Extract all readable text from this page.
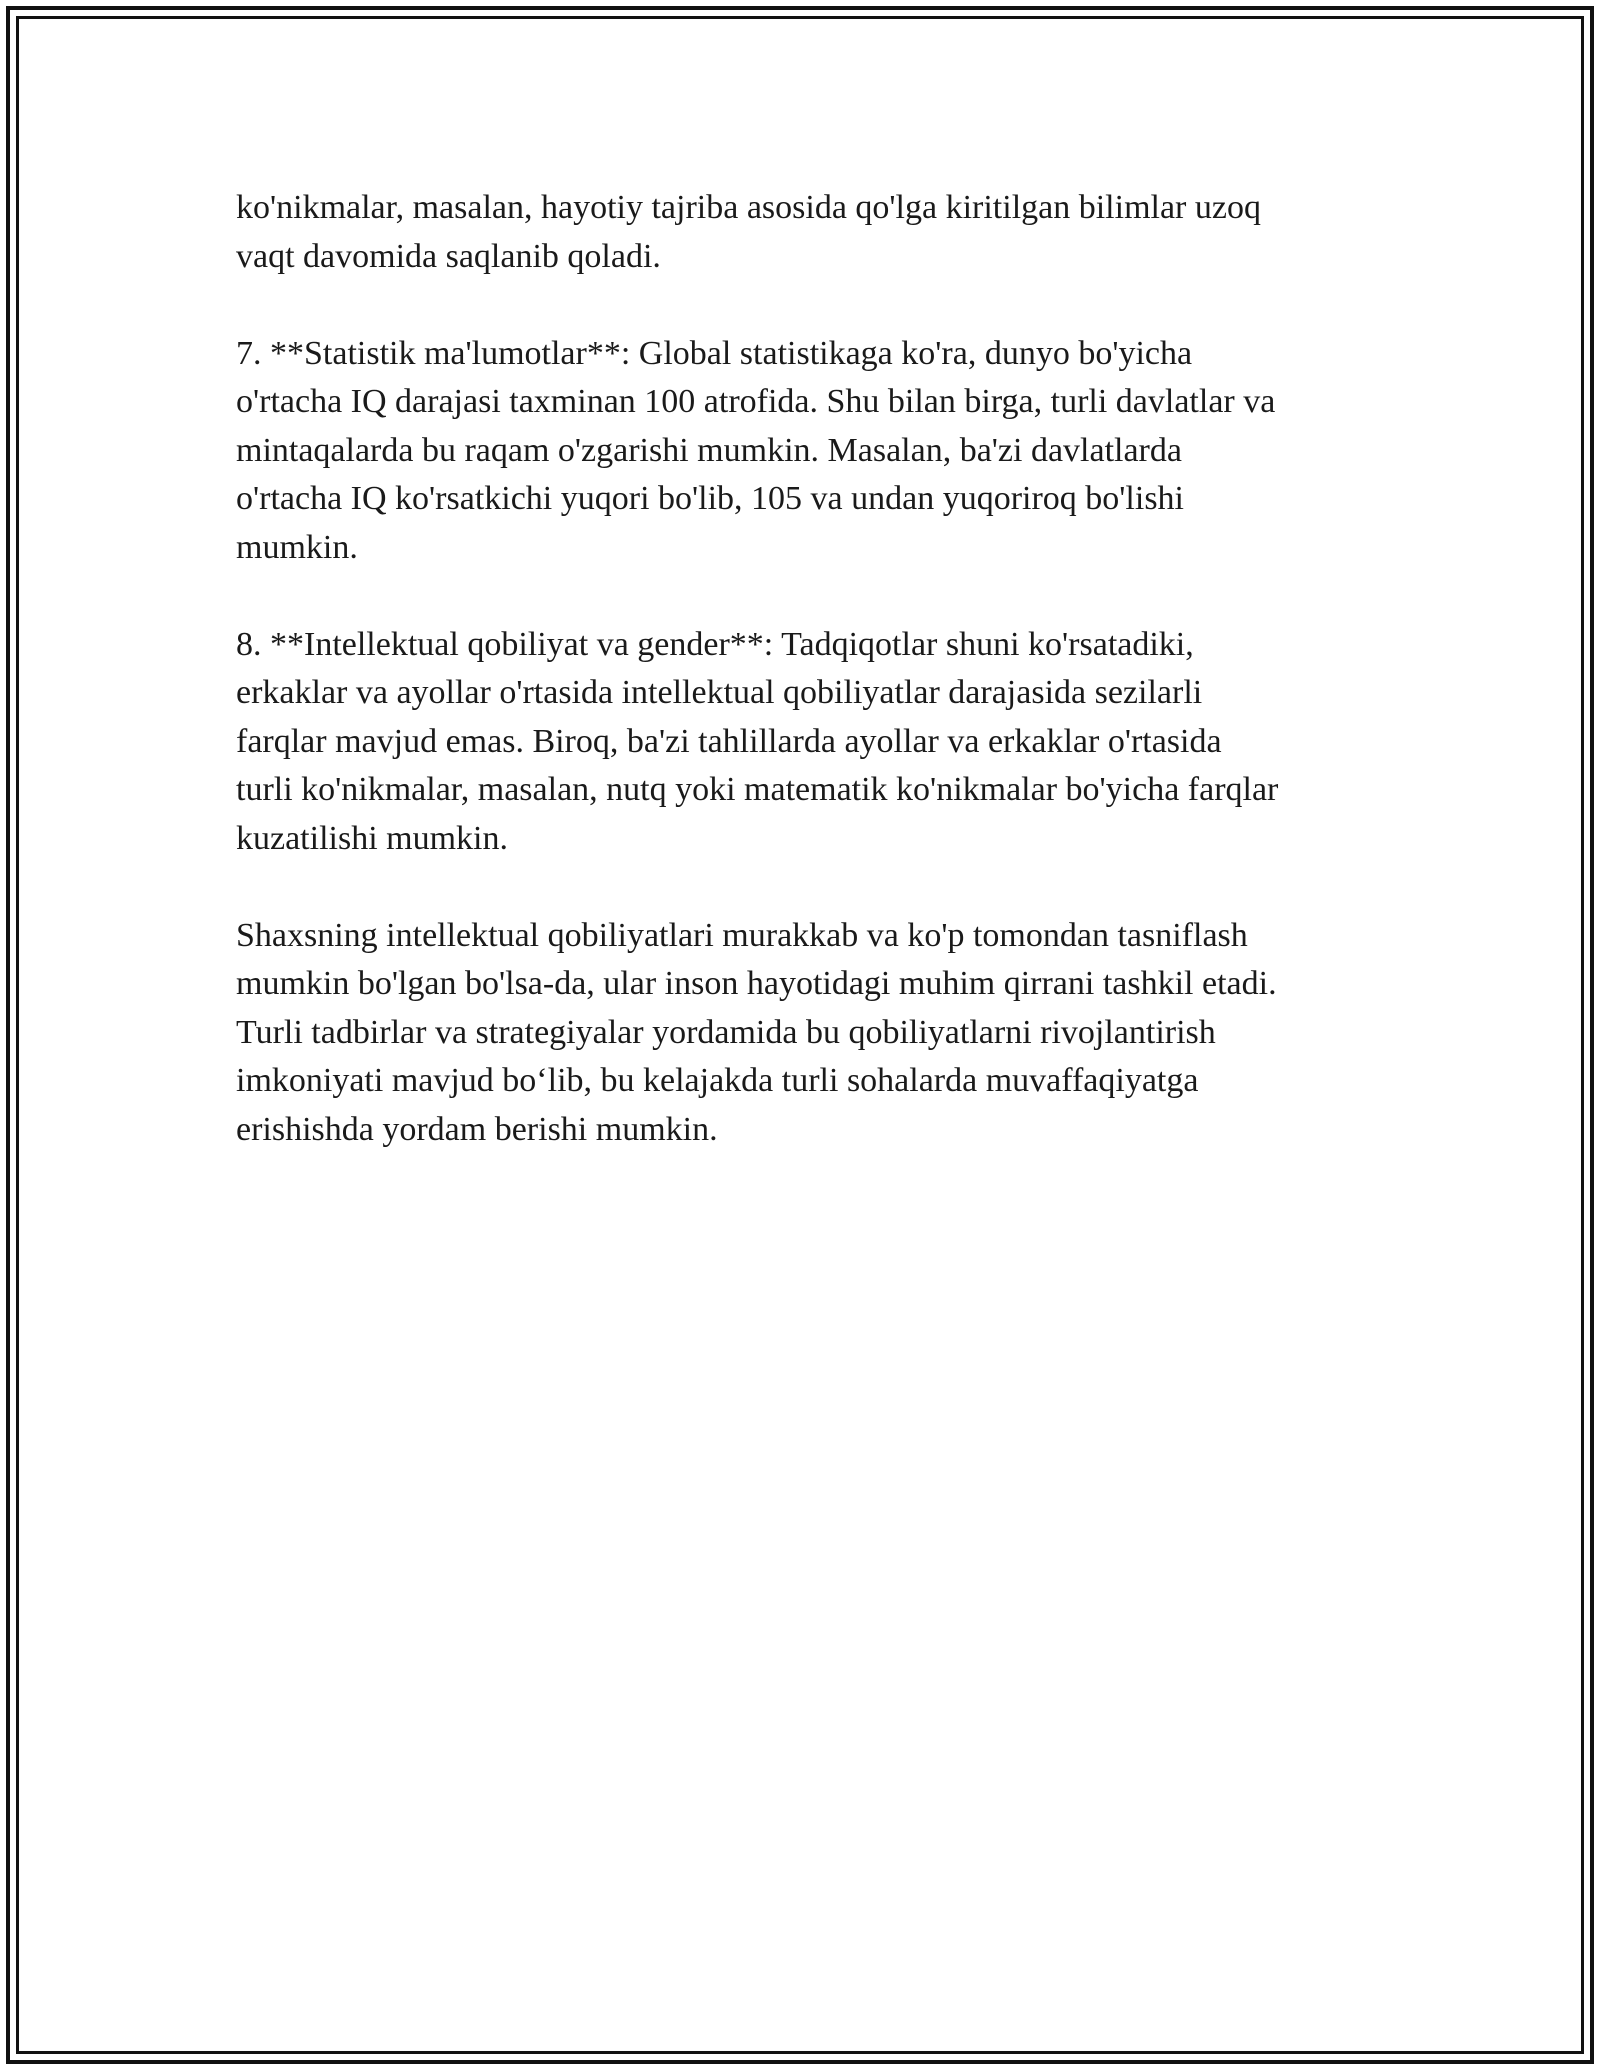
ko'nikmalar, masalan, hayotiy tajriba asosida qo'lga kiritilgan bilimlar uzoq
vaqt davomida saqlanib qoladi.

7. **Statistik ma'lumotlar**: Global statistikaga ko'ra, dunyo bo'yicha
o'rtacha IQ darajasi taxminan 100 atrofida. Shu bilan birga, turli davlatlar va
mintaqalarda bu raqam o'zgarishi mumkin. Masalan, ba'zi davlatlarda
o'rtacha IQ ko'rsatkichi yuqori bo'lib, 105 va undan yuqoriroq bo'lishi
mumkin.

8. **Intellektual qobiliyat va gender**: Tadqiqotlar shuni ko'rsatadiki,
erkaklar va ayollar o'rtasida intellektual qobiliyatlar darajasida sezilarli
farqlar mavjud emas. Biroq, ba'zi tahlillarda ayollar va erkaklar o'rtasida
turli ko'nikmalar, masalan, nutq yoki matematik ko'nikmalar bo'yicha farqlar
kuzatilishi mumkin.

Shaxsning intellektual qobiliyatlari murakkab va ko'p tomondan tasniflash
mumkin bo'lgan bo'lsa-da, ular inson hayotidagi muhim qirrani tashkil etadi.
Turli tadbirlar va strategiyalar yordamida bu qobiliyatlarni rivojlantirish
imkoniyati mavjud bo‘lib, bu kelajakda turli sohalarda muvaffaqiyatga
erishishda yordam berishi mumkin.
